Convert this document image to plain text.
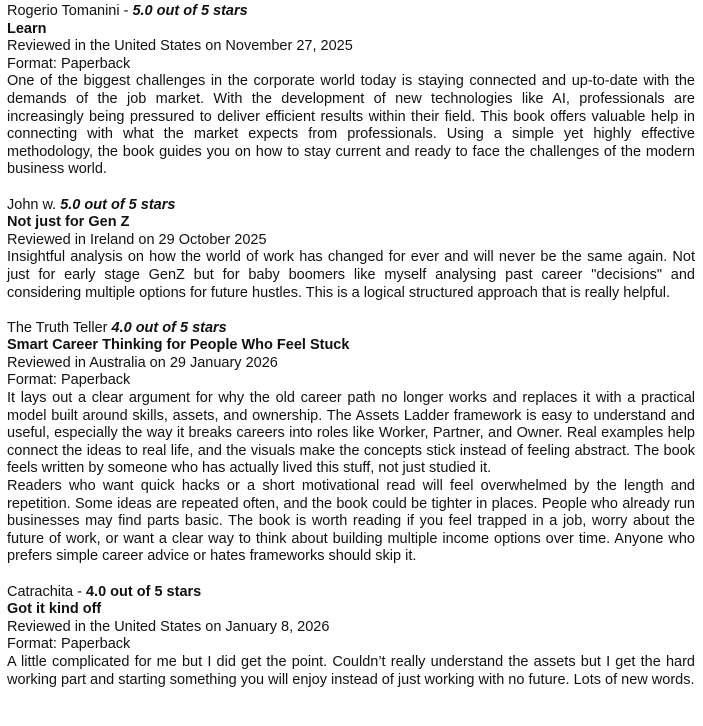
Rogerio Tomanini - 5.0 out of 5 stars
Learn
Reviewed in the United States on November 27, 2025
Format: Paperback
One of the biggest challenges in the corporate world today is staying connected and up-to-date with the demands of the job market. With the development of new technologies like AI, professionals are increasingly being pressured to deliver efficient results within their field. This book offers valuable help in connecting with what the market expects from professionals. Using a simple yet highly effective methodology, the book guides you on how to stay current and ready to face the challenges of the modern business world.
John w. 5.0 out of 5 stars
Not just for Gen Z
Reviewed in Ireland on 29 October 2025
Insightful analysis on how the world of work has changed for ever and will never be the same again. Not just for early stage GenZ but for baby boomers like myself analysing past career "decisions" and considering multiple options for future hustles. This is a logical structured approach that is really helpful.
The Truth Teller 4.0 out of 5 stars
Smart Career Thinking for People Who Feel Stuck
Reviewed in Australia on 29 January 2026
Format: Paperback
It lays out a clear argument for why the old career path no longer works and replaces it with a practical model built around skills, assets, and ownership. The Assets Ladder framework is easy to understand and useful, especially the way it breaks careers into roles like Worker, Partner, and Owner. Real examples help connect the ideas to real life, and the visuals make the concepts stick instead of feeling abstract. The book feels written by someone who has actually lived this stuff, not just studied it.
Readers who want quick hacks or a short motivational read will feel overwhelmed by the length and repetition. Some ideas are repeated often, and the book could be tighter in places. People who already run businesses may find parts basic. The book is worth reading if you feel trapped in a job, worry about the future of work, or want a clear way to think about building multiple income options over time. Anyone who prefers simple career advice or hates frameworks should skip it.
Catrachita - 4.0 out of 5 stars
Got it kind off
Reviewed in the United States on January 8, 2026
Format: Paperback
A little complicated for me but I did get the point. Couldn’t really understand the assets but I get the hard working part and starting something you will enjoy instead of just working with no future. Lots of new words.
